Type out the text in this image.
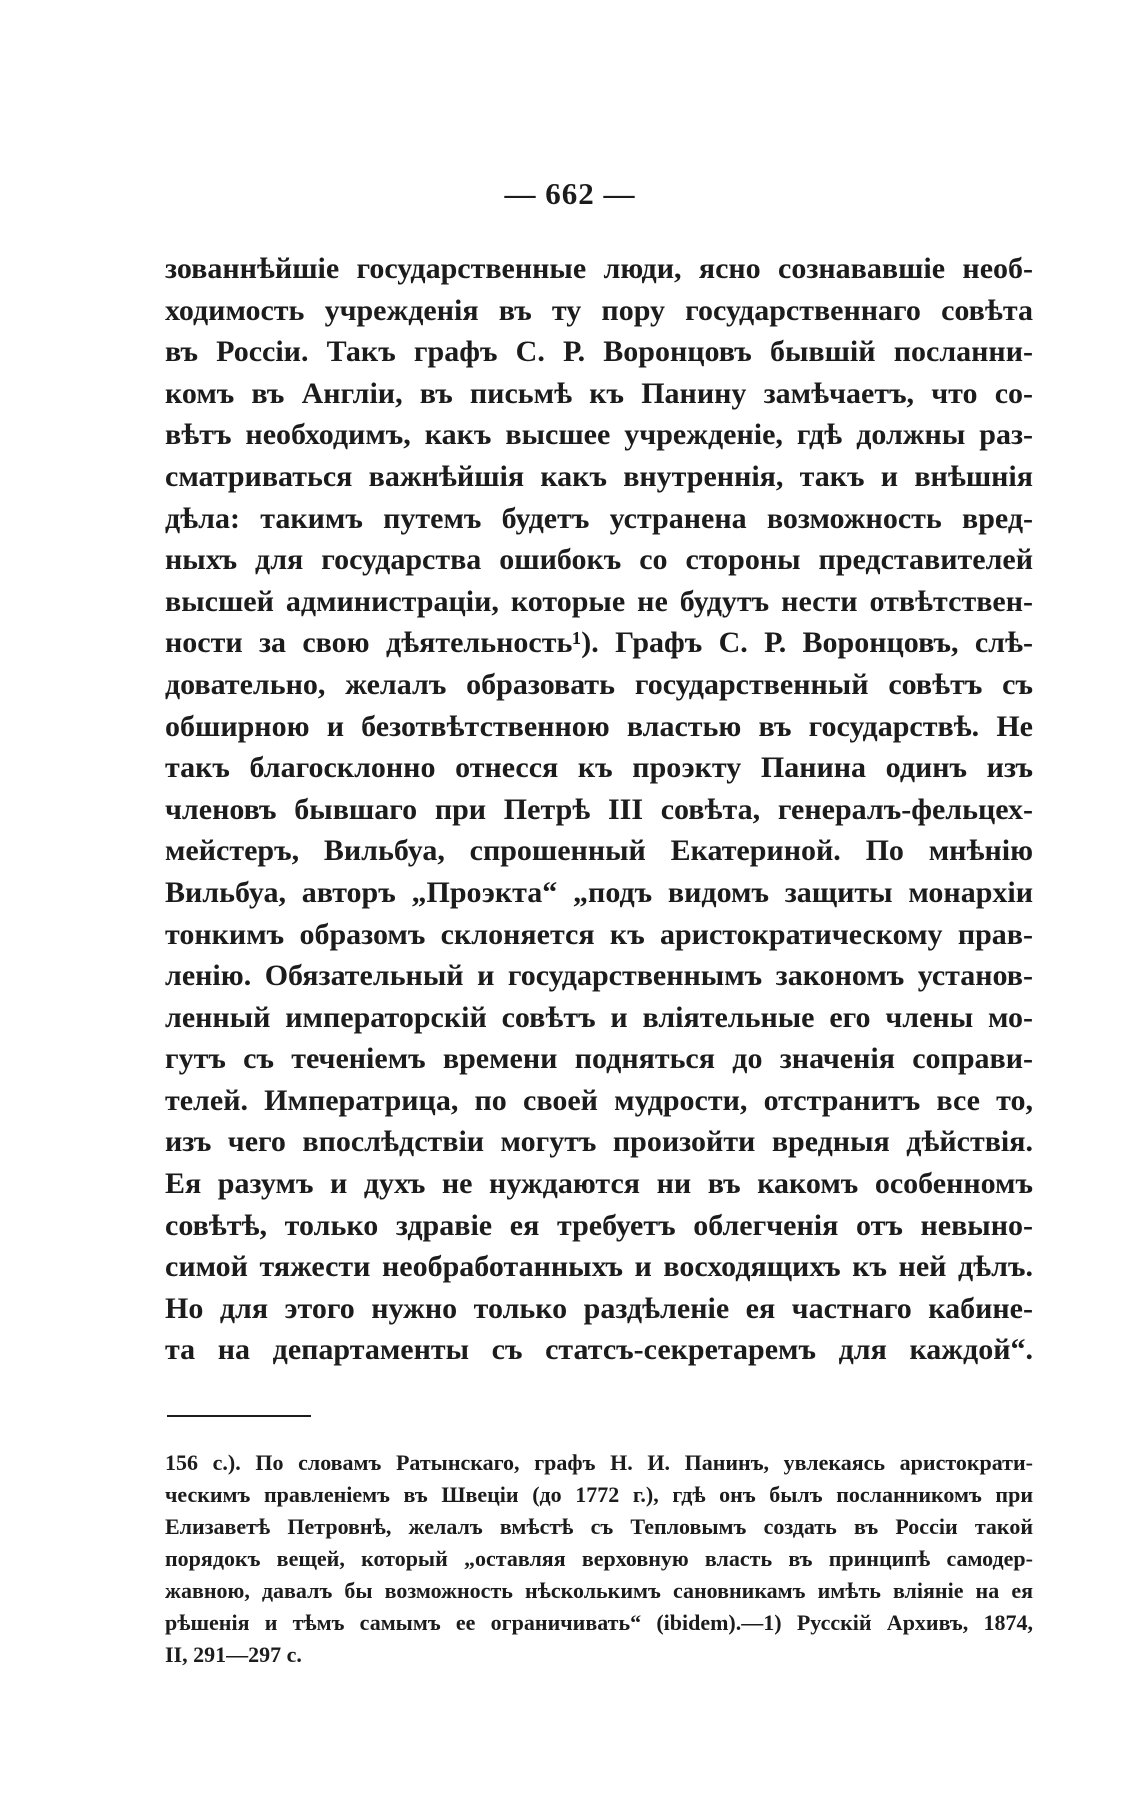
— 662 —
зованнѣйшіе государственные люди, ясно сознававшіе необ-
ходимость учрежденія въ ту пору государственнаго совѣта
въ Россіи. Такъ графъ С. Р. Воронцовъ бывшій посланни-
комъ въ Англіи, въ письмѣ къ Панину замѣчаетъ, что со-
вѣтъ необходимъ, какъ высшее учрежденіе, гдѣ должны раз-
сматриваться важнѣйшія какъ внутреннія, такъ и внѣшнія
дѣла: такимъ путемъ будетъ устранена возможность вред-
ныхъ для государства ошибокъ со стороны представителей
высшей администраціи, которые не будутъ нести отвѣтствен-
ности за свою дѣятельность¹). Графъ С. Р. Воронцовъ, слѣ-
довательно, желалъ образовать государственный совѣтъ съ
обширною и безотвѣтственною властью въ государствѣ. Не
такъ благосклонно отнесся къ проэкту Панина одинъ изъ
членовъ бывшаго при Петрѣ III совѣта, генералъ-фельцех-
мейстеръ, Вильбуа, спрошенный Екатериной. По мнѣнію
Вильбуа, авторъ „Проэкта“ „подъ видомъ защиты монархіи
тонкимъ образомъ склоняется къ аристократическому прав-
ленію. Обязательный и государственнымъ закономъ установ-
ленный императорскій совѣтъ и вліятельные его члены мо-
гутъ съ теченіемъ времени подняться до значенія соправи-
телей. Императрица, по своей мудрости, отстранитъ все то,
изъ чего впослѣдствіи могутъ произойти вредныя дѣйствія.
Ея разумъ и духъ не нуждаются ни въ какомъ особенномъ
совѣтѣ, только здравіе ея требуетъ облегченія отъ невыно-
симой тяжести необработанныхъ и восходящихъ къ ней дѣлъ.
Но для этого нужно только раздѣленіе ея частнаго кабине-
та на департаменты съ статсъ-секретаремъ для каждой“.
156 с.). По словамъ Ратынскаго, графъ Н. И. Панинъ, увлекаясь аристократи-
ческимъ правленіемъ въ Швеціи (до 1772 г.), гдѣ онъ былъ посланникомъ при
Елизаветѣ Петровнѣ, желалъ вмѣстѣ съ Тепловымъ создать въ Россіи такой
порядокъ вещей, который „оставляя верховную власть въ принципѣ самодер-
жавною, давалъ бы возможность нѣсколькимъ сановникамъ имѣть вліяніе на ея
рѣшенія и тѣмъ самымъ ее ограничивать“ (ibidem).—1) Русскій Архивъ, 1874,
II, 291—297 с.
